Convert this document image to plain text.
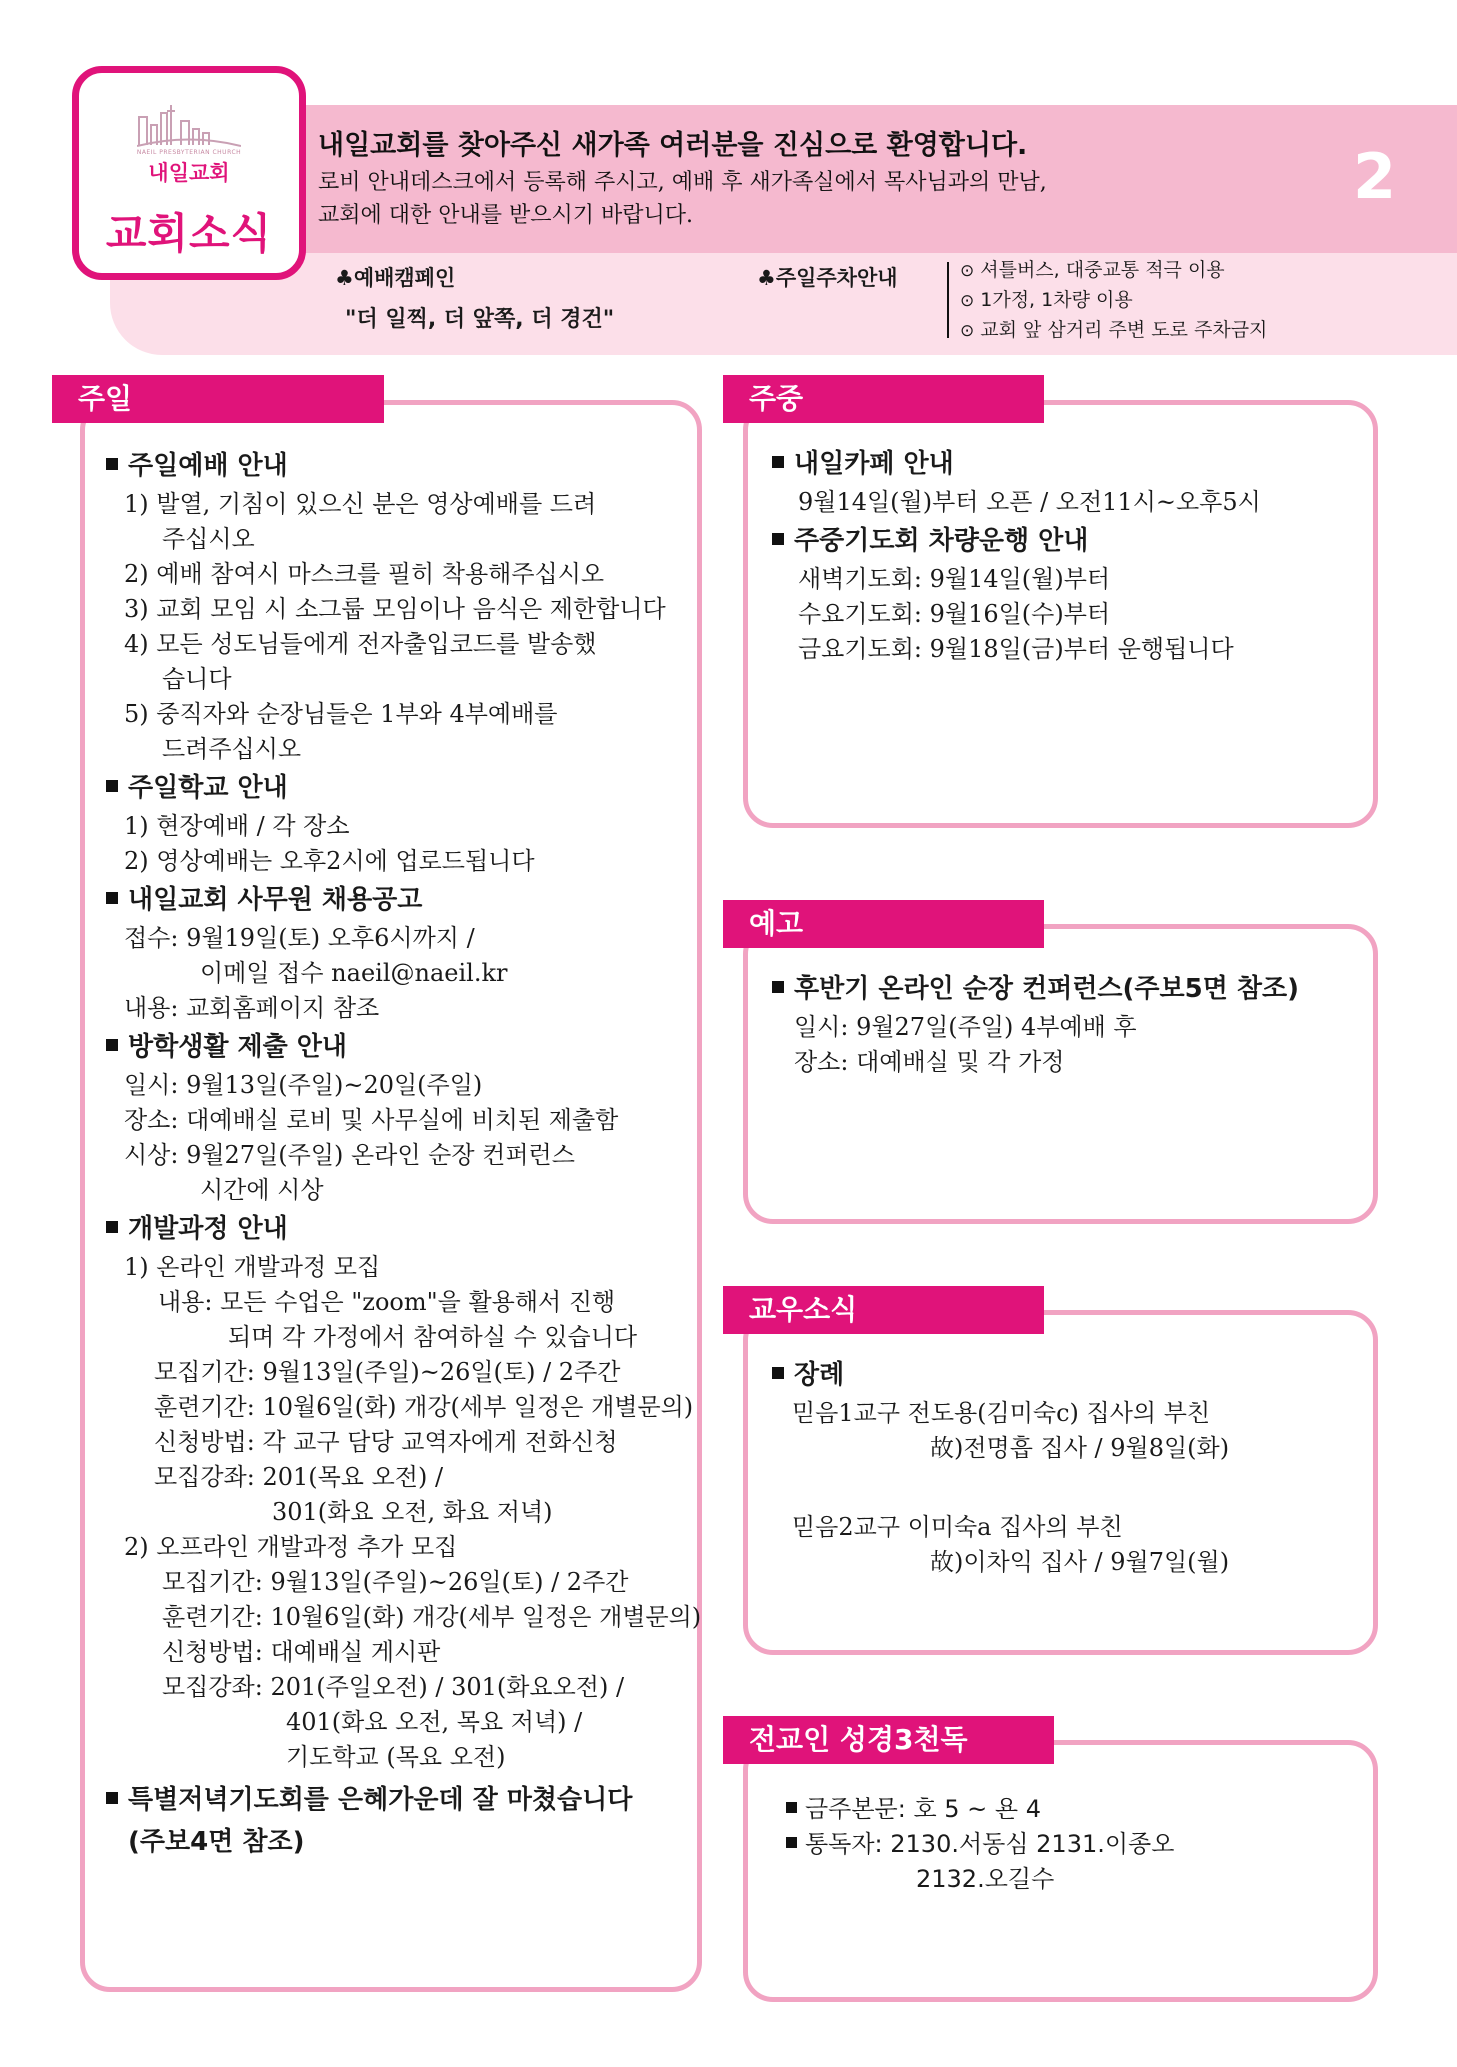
NAEIL PRESBYTERIAN CHURCH
내일교회
교회소식
내일교회를 찾아주신 새가족 여러분을 진심으로 환영합니다.
로비 안내데스크에서 등록해 주시고, 예배 후 새가족실에서 목사님과의 만남,
교회에 대한 안내를 받으시기 바랍니다.
2
♣예배캠페인
"더 일찍, 더 앞쪽, 더 경건"
♣주일주차안내	⊙ 셔틀버스, 대중교통 적극 이용
⊙ 1가정, 1차량 이용
⊙ 교회 앞 삼거리 주변 도로 주차금지
주일
주일예배 안내
1) 발열, 기침이 있으신 분은 영상예배를 드려
주십시오
2) 예배 참여시 마스크를 필히 착용해주십시오
3) 교회 모임 시 소그룹 모임이나 음식은 제한합니다
4) 모든 성도님들에게 전자출입코드를 발송했
습니다
5) 중직자와 순장님들은 1부와 4부예배를
드려주십시오
주일학교 안내
1) 현장예배 / 각 장소
2) 영상예배는 오후2시에 업로드됩니다
내일교회 사무원 채용공고
접수: 9월19일(토) 오후6시까지 /
이메일 접수 naeil@naeil.kr
내용: 교회홈페이지 참조
방학생활 제출 안내
일시: 9월13일(주일)~20일(주일)
장소: 대예배실 로비 및 사무실에 비치된 제출함
시상: 9월27일(주일) 온라인 순장 컨퍼런스
시간에 시상
개발과정 안내
1) 온라인 개발과정 모집
내용: 모든 수업은 "zoom"을 활용해서 진행
되며 각 가정에서 참여하실 수 있습니다
모집기간: 9월13일(주일)~26일(토) / 2주간
훈련기간: 10월6일(화) 개강(세부 일정은 개별문의)
신청방법: 각 교구 담당 교역자에게 전화신청
모집강좌: 201(목요 오전) /
301(화요 오전, 화요 저녁)
2) 오프라인 개발과정 추가 모집
모집기간: 9월13일(주일)~26일(토) / 2주간
훈련기간: 10월6일(화) 개강(세부 일정은 개별문의)
신청방법: 대예배실 게시판
모집강좌: 201(주일오전) / 301(화요오전) /
401(화요 오전, 목요 저녁) /
기도학교 (목요 오전)
특별저녁기도회를 은혜가운데 잘 마쳤습니다
(주보4면 참조)
주중
내일카페 안내
9월14일(월)부터 오픈 / 오전11시~오후5시
주중기도회 차량운행 안내
새벽기도회: 9월14일(월)부터
수요기도회: 9월16일(수)부터
금요기도회: 9월18일(금)부터 운행됩니다
예고
후반기 온라인 순장 컨퍼런스(주보5면 참조)
일시: 9월27일(주일) 4부예배 후
장소: 대예배실 및 각 가정
교우소식
장례
믿음1교구 전도용(김미숙c) 집사의 부친
故)전명흡 집사 / 9월8일(화)
믿음2교구 이미숙a 집사의 부친
故)이차익 집사 / 9월7일(월)
전교인 성경3천독
금주본문: 호 5 ~ 욘 4
통독자: 2130.서동심 2131.이종오
2132.오길수
